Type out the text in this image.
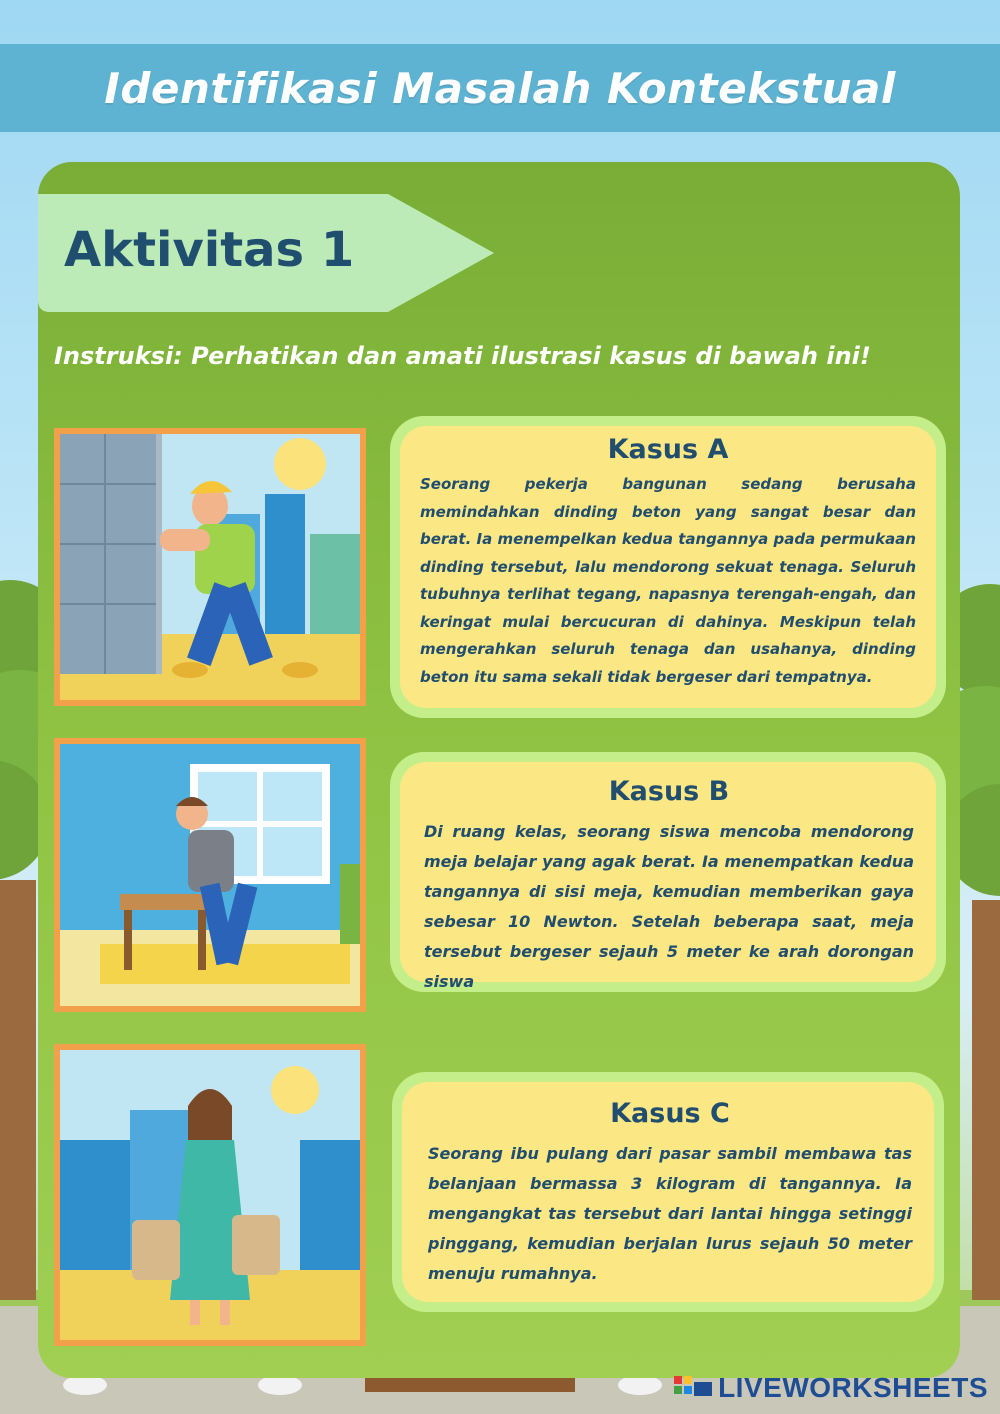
Identifikasi Masalah Kontekstual
Aktivitas 1
Instruksi: Perhatikan dan amati ilustrasi kasus di bawah ini!
Kasus A
Seorang pekerja bangunan sedang berusaha memindahkan dinding beton yang sangat besar dan berat. Ia menempelkan kedua tangannya pada permukaan dinding tersebut, lalu mendorong sekuat tenaga. Seluruh tubuhnya terlihat tegang, napasnya terengah-engah, dan keringat mulai bercucuran di dahinya. Meskipun telah mengerahkan seluruh tenaga dan usahanya, dinding beton itu sama sekali tidak bergeser dari tempatnya.
Kasus B
Di ruang kelas, seorang siswa mencoba mendorong meja belajar yang agak berat. Ia menempatkan kedua tangannya di sisi meja, kemudian memberikan gaya sebesar 10 Newton. Setelah beberapa saat, meja tersebut bergeser sejauh 5 meter ke arah dorongan siswa
Kasus C
Seorang ibu pulang dari pasar sambil membawa tas belanjaan bermassa 3 kilogram di tangannya. Ia mengangkat tas tersebut dari lantai hingga setinggi pinggang, kemudian berjalan lurus sejauh 50 meter menuju rumahnya.
LIVEWORKSHEETS
